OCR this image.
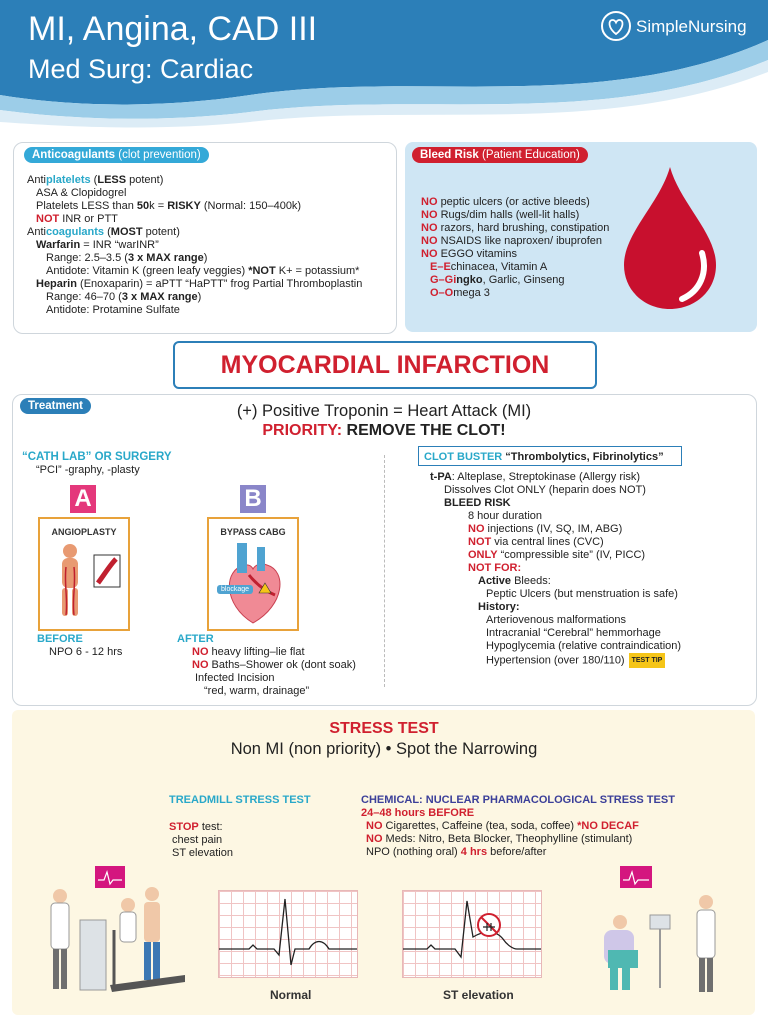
MI, Angina, CAD III
Med Surg: Cardiac
SimpleNursing
Anticoagulants (clot prevention)
Antiplatelets (LESS potent)
ASA & Clopidogrel
Platelets LESS than 50k = RISKY (Normal: 150–400k)
NOT INR or PTT
Anticoagulants (MOST potent)
Warfarin = INR “warINR”
Range: 2.5–3.5 (3 x MAX range)
Antidote: Vitamin K (green leafy veggies) *NOT K+ = potassium*
Heparin (Enoxaparin) = aPTT “HaPTT” frog Partial Thromboplastin
Range: 46–70 (3 x MAX range)
Antidote: Protamine Sulfate
Bleed Risk (Patient Education)
NO peptic ulcers (or active bleeds)
NO Rugs/dim halls (well-lit halls)
NO razors, hard brushing, constipation
NO NSAIDS like naproxen/ ibuprofen
NO EGGO vitamins
E–Echinacea, Vitamin A
G–Gingko, Garlic, Ginseng
O–Omega 3
MYOCARDIAL INFARCTION
Treatment	(+) Positive Troponin = Heart Attack (MI)
PRIORITY: REMOVE THE CLOT!
“CATH LAB” OR SURGERY
“PCI” -graphy, -plasty
A	B
ANGIOPLASTY	BYPASS CABG
blockage
BEFORE
NPO 6 - 12 hrs
AFTER
NO heavy lifting–lie flat
NO Baths–Shower ok (dont soak)
Infected Incision
“red, warm, drainage”
CLOT BUSTER “Thrombolytics, Fibrinolytics”
t-PA: Alteplase, Streptokinase (Allergy risk)
Dissolves Clot ONLY (heparin does NOT)
BLEED RISK
8 hour duration
NO injections (IV, SQ, IM, ABG)
NOT via central lines (CVC)
ONLY “compressible site” (IV, PICC)
NOT FOR:
Active Bleeds:
Peptic Ulcers (but menstruation is safe)
History:
Arteriovenous malformations
Intracranial “Cerebral” hemmorhage
Hypoglycemia (relative contraindication)
Hypertension (over 180/110) TEST TIP
STRESS TEST
Non MI (non priority) • Spot the Narrowing
TREADMILL STRESS TEST
STOP test:
chest pain
ST elevation
CHEMICAL: NUCLEAR PHARMACOLOGICAL STRESS TEST
24–48 hours BEFORE
NO Cigarettes, Caffeine (tea, soda, coffee) *NO DECAF
NO Meds: Nitro, Beta Blocker, Theophylline (stimulant)
NPO (nothing oral) 4 hrs before/after
Normal	ST elevation
